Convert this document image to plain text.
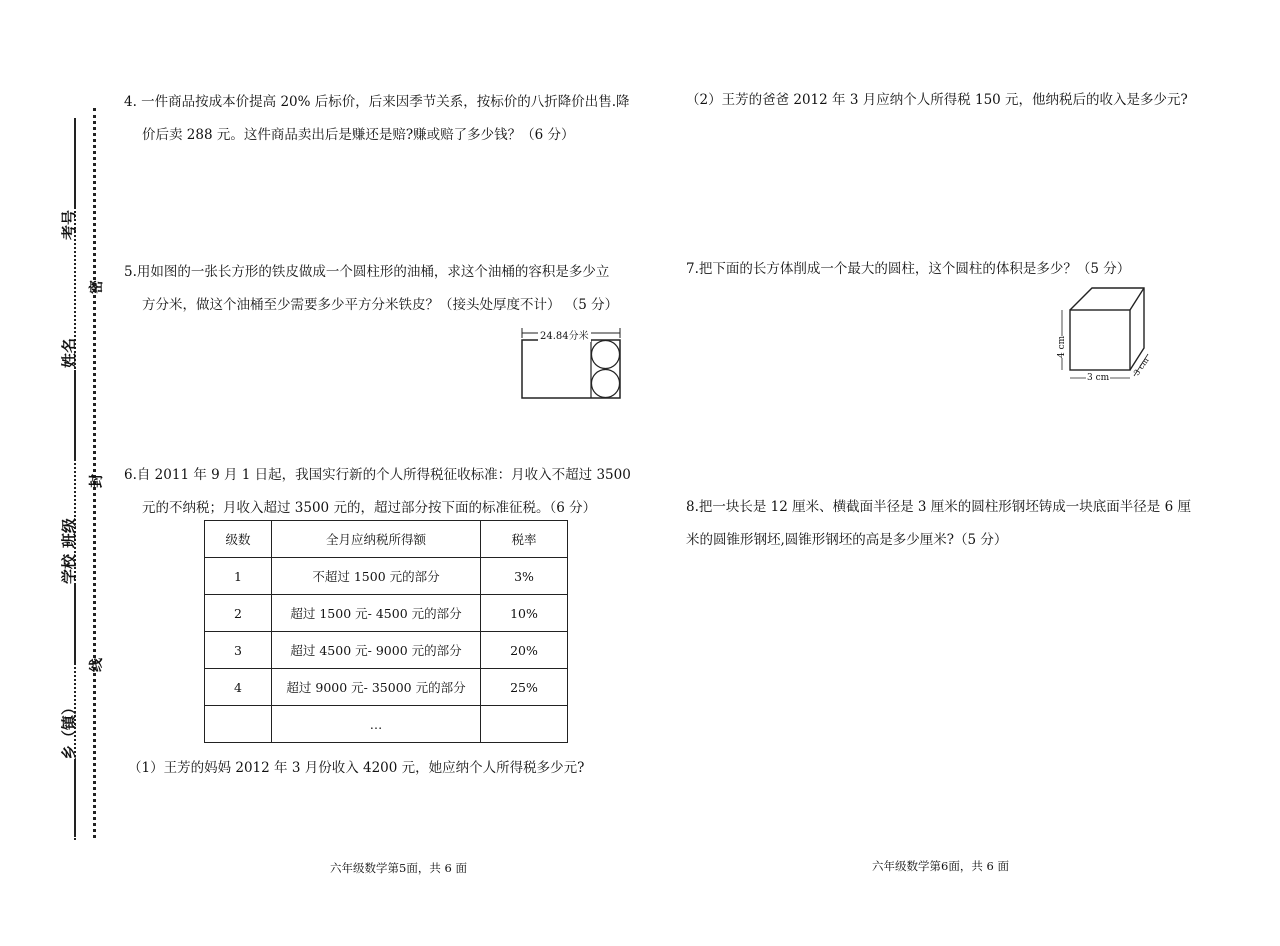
考号
姓名
班级
学校
乡（镇）
密
封
线
4. 一件商品按成本价提高 20% 后标价，后来因季节关系，按标价的八折降价出售.降
价后卖 288 元。这件商品卖出后是赚还是赔?赚或赔了多少钱？（6 分）
5.用如图的一张长方形的铁皮做成一个圆柱形的油桶，求这个油桶的容积是多少立
方分米，做这个油桶至少需要多少平方分米铁皮？（接头处厚度不计） （5 分）
24.84分米
6.自 2011 年 9 月 1 日起，我国实行新的个人所得税征收标准：月收入不超过 3500
元的不纳税；月收入超过 3500 元的，超过部分按下面的标准征税。（6 分）
级数	全月应纳税所得额	税率
1	不超过 1500 元的部分	3%
2	超过 1500 元- 4500 元的部分	10%
3	超过 4500 元- 9000 元的部分	20%
4	超过 9000 元- 35000 元的部分	25%
	…	
（1）王芳的妈妈 2012 年 3 月份收入 4200 元，她应纳个人所得税多少元?
六年级数学第5面，共 6 面
（2）王芳的爸爸 2012 年 3 月应纳个人所得税 150 元，他纳税后的收入是多少元?
7.把下面的长方体削成一个最大的圆柱，这个圆柱的体积是多少？（5 分）
4 cm
3 cm
3 cm
8.把一块长是 12 厘米、横截面半径是 3 厘米的圆柱形钢坯铸成一块底面半径是 6 厘
米的圆锥形钢坯,圆锥形钢坯的高是多少厘米?（5 分）
六年级数学第6面，共 6 面
